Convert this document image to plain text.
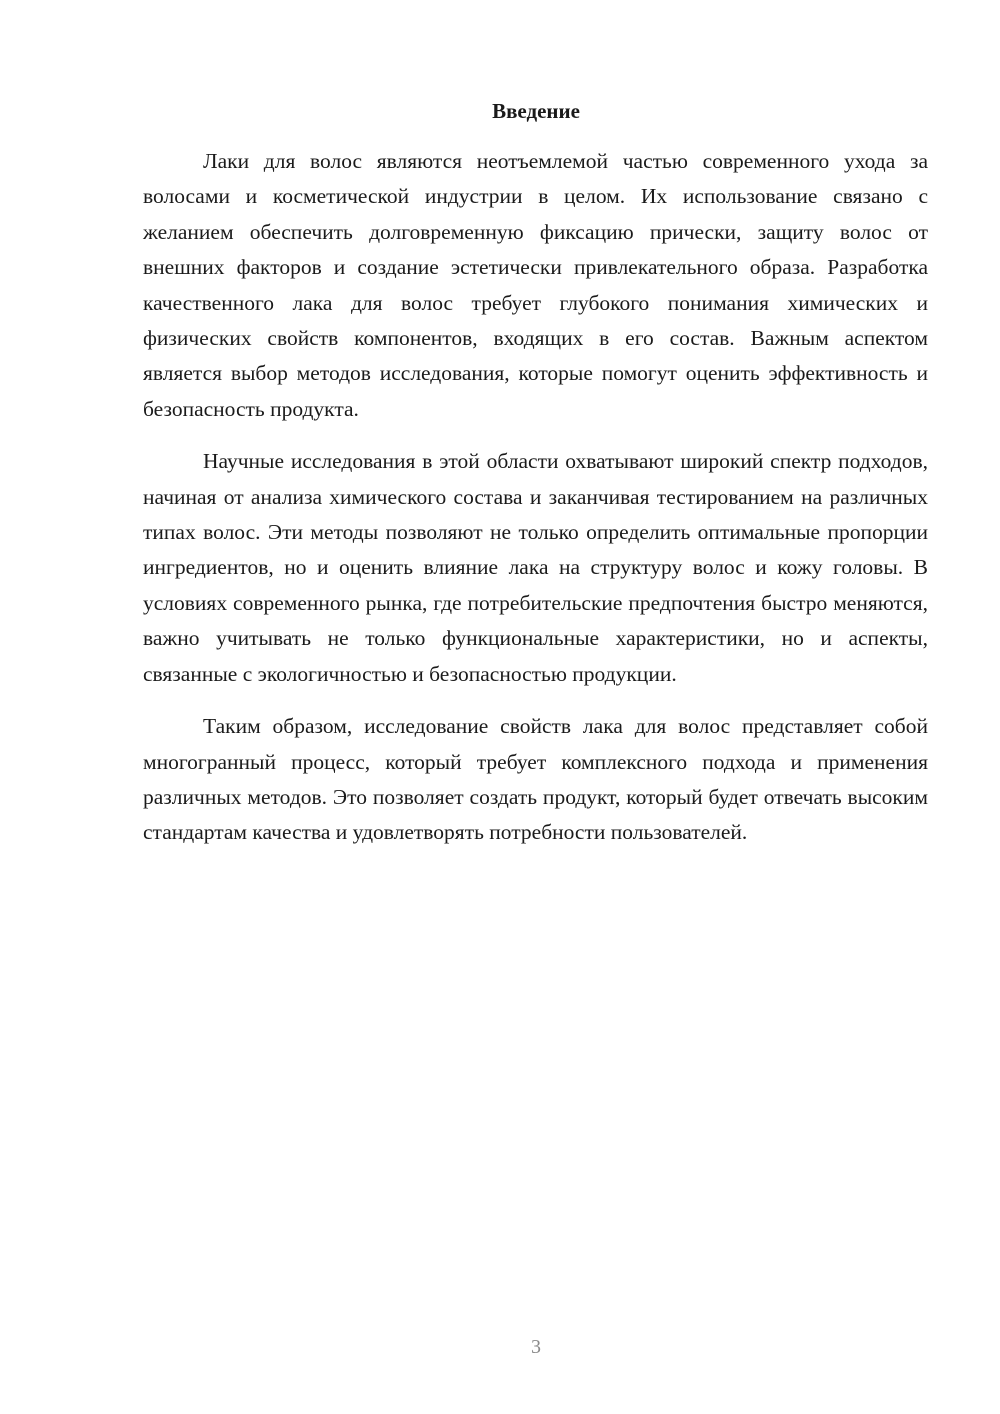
Введение

Лаки для волос являются неотъемлемой частью современного ухода за волосами и косметической индустрии в целом. Их использование связано с желанием обеспечить долговременную фиксацию прически, защиту волос от внешних факторов и создание эстетически привлекательного образа. Разработка качественного лака для волос требует глубокого понимания химических и физических свойств компонентов, входящих в его состав. Важным аспектом является выбор методов исследования, которые помогут оценить эффективность и безопасность продукта.

Научные исследования в этой области охватывают широкий спектр подходов, начиная от анализа химического состава и заканчивая тестированием на различных типах волос. Эти методы позволяют не только определить оптимальные пропорции ингредиентов, но и оценить влияние лака на структуру волос и кожу головы. В условиях современного рынка, где потребительские предпочтения быстро меняются, важно учитывать не только функциональные характеристики, но и аспекты, связанные с экологичностью и безопасностью продукции.

Таким образом, исследование свойств лака для волос представляет собой многогранный процесс, который требует комплексного подхода и применения различных методов. Это позволяет создать продукт, который будет отвечать высоким стандартам качества и удовлетворять потребности пользователей.

3
